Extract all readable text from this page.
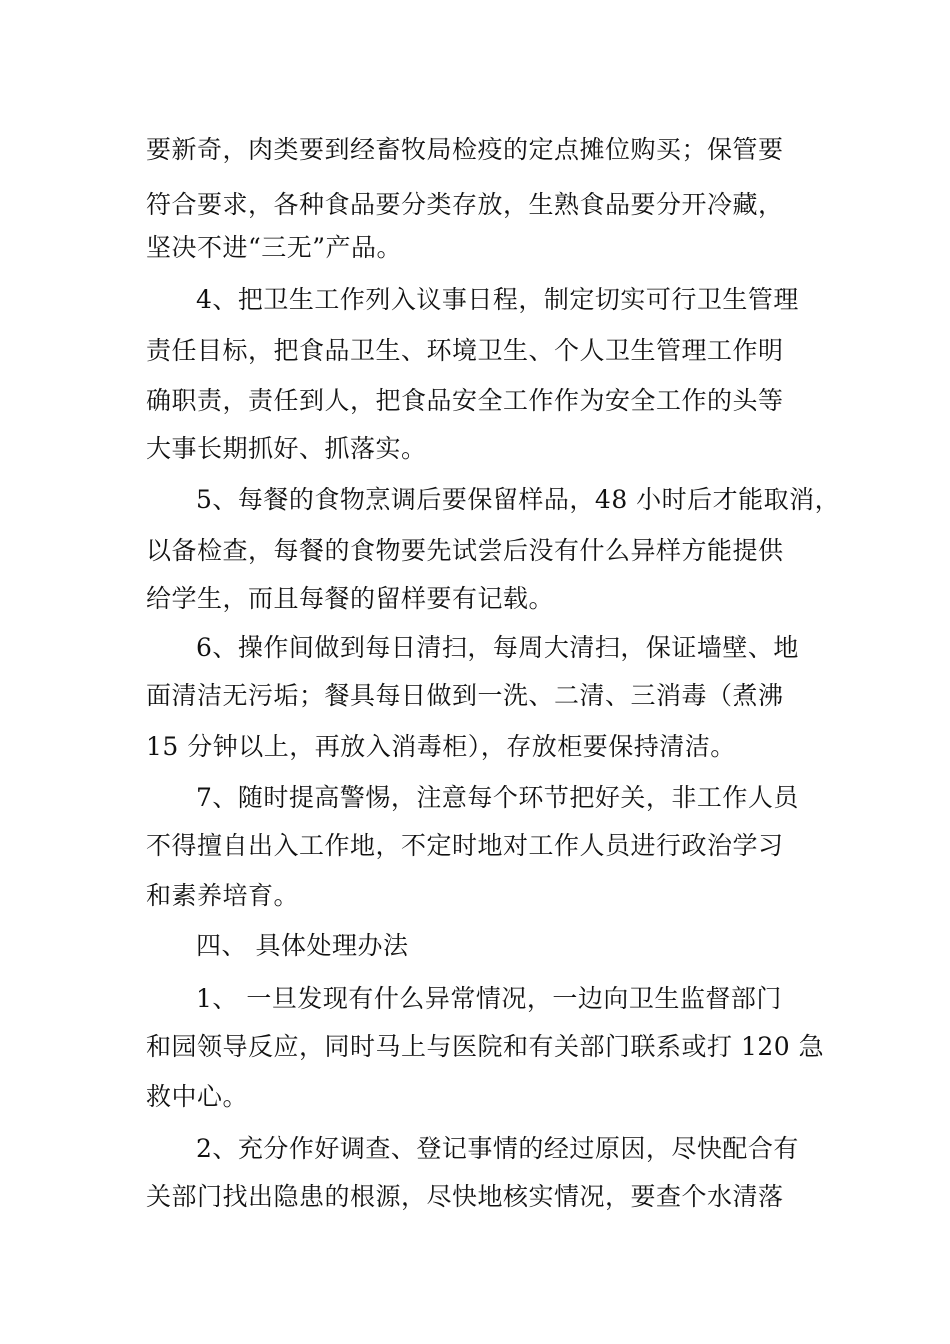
要新奇，肉类要到经畜牧局检疫的定点摊位购买；保管要
符合要求，各种食品要分类存放，生熟食品要分开冷藏，
坚决不进“三无”产品。
4、把卫生工作列入议事日程，制定切实可行卫生管理
责任目标，把食品卫生、环境卫生、个人卫生管理工作明
确职责，责任到人，把食品安全工作作为安全工作的头等
大事长期抓好、抓落实。
5、每餐的食物烹调后要保留样品，48 小时后才能取消，
以备检查，每餐的食物要先试尝后没有什么异样方能提供
给学生，而且每餐的留样要有记载。
6、操作间做到每日清扫，每周大清扫，保证墙壁、地
面清洁无污垢；餐具每日做到一洗、二清、三消毒（煮沸
15 分钟以上，再放入消毒柜），存放柜要保持清洁。
7、随时提高警惕，注意每个环节把好关，非工作人员
不得擅自出入工作地，不定时地对工作人员进行政治学习
和素养培育。
四、 具体处理办法
1、 一旦发现有什么异常情况，一边向卫生监督部门
和园领导反应，同时马上与医院和有关部门联系或打 120 急
救中心。
2、充分作好调查、登记事情的经过原因，尽快配合有
关部门找出隐患的根源，尽快地核实情况，要查个水清落
